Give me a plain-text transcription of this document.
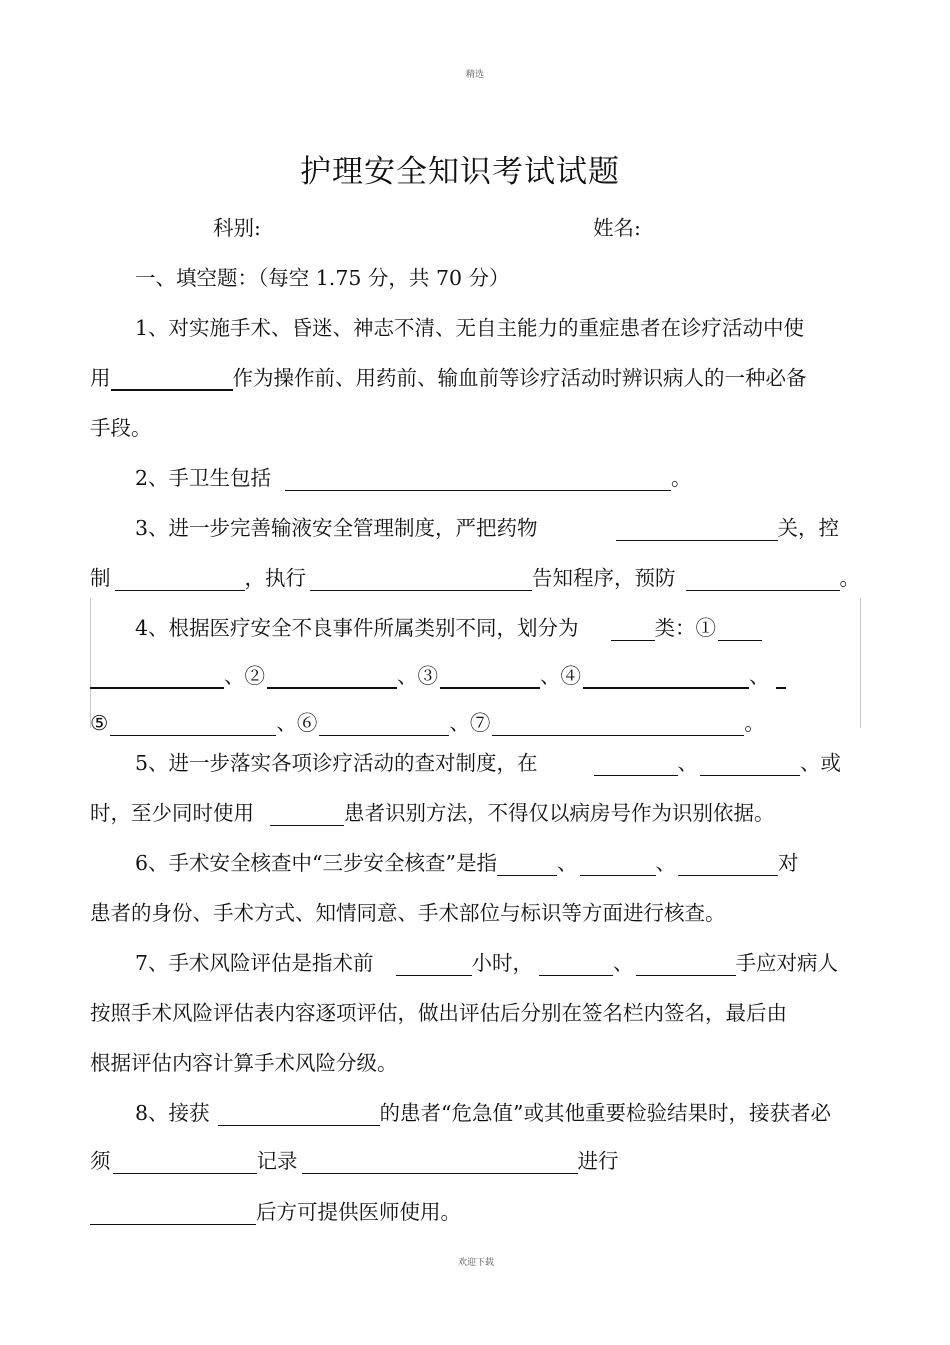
精选
护理安全知识考试试题
科别:	姓名:
一、填空题：（每空 1.75 分，共 70 分）
1、对实施手术、昏迷、神志不清、无自主能力的重症患者在诊疗活动中使
用	作为操作前、用药前、输血前等诊疗活动时辨识病人的一种必备
手段。
2、手卫生包括	。
3、进一步完善输液安全管理制度，严把药物	关，控
制	，执行	告知程序，预防	。
4、根据医疗安全不良事件所属类别不同，划分为	类：①
、②	、③	、④	、
⑤	、⑥	、⑦	。
5、进一步落实各项诊疗活动的查对制度，在	、	、或
时，至少同时使用	患者识别方法，不得仅以病房号作为识别依据。
6、手术安全核查中“三步安全核查”是指	、	、	对
患者的身份、手术方式、知情同意、手术部位与标识等方面进行核查。
7、手术风险评估是指术前	小时，	、	手应对病人
按照手术风险评估表内容逐项评估，做出评估后分别在签名栏内签名，最后由
根据评估内容计算手术风险分级。
8、接获	的患者“危急值”或其他重要检验结果时，接获者必
须	记录	进行
后方可提供医师使用。
欢迎下载
